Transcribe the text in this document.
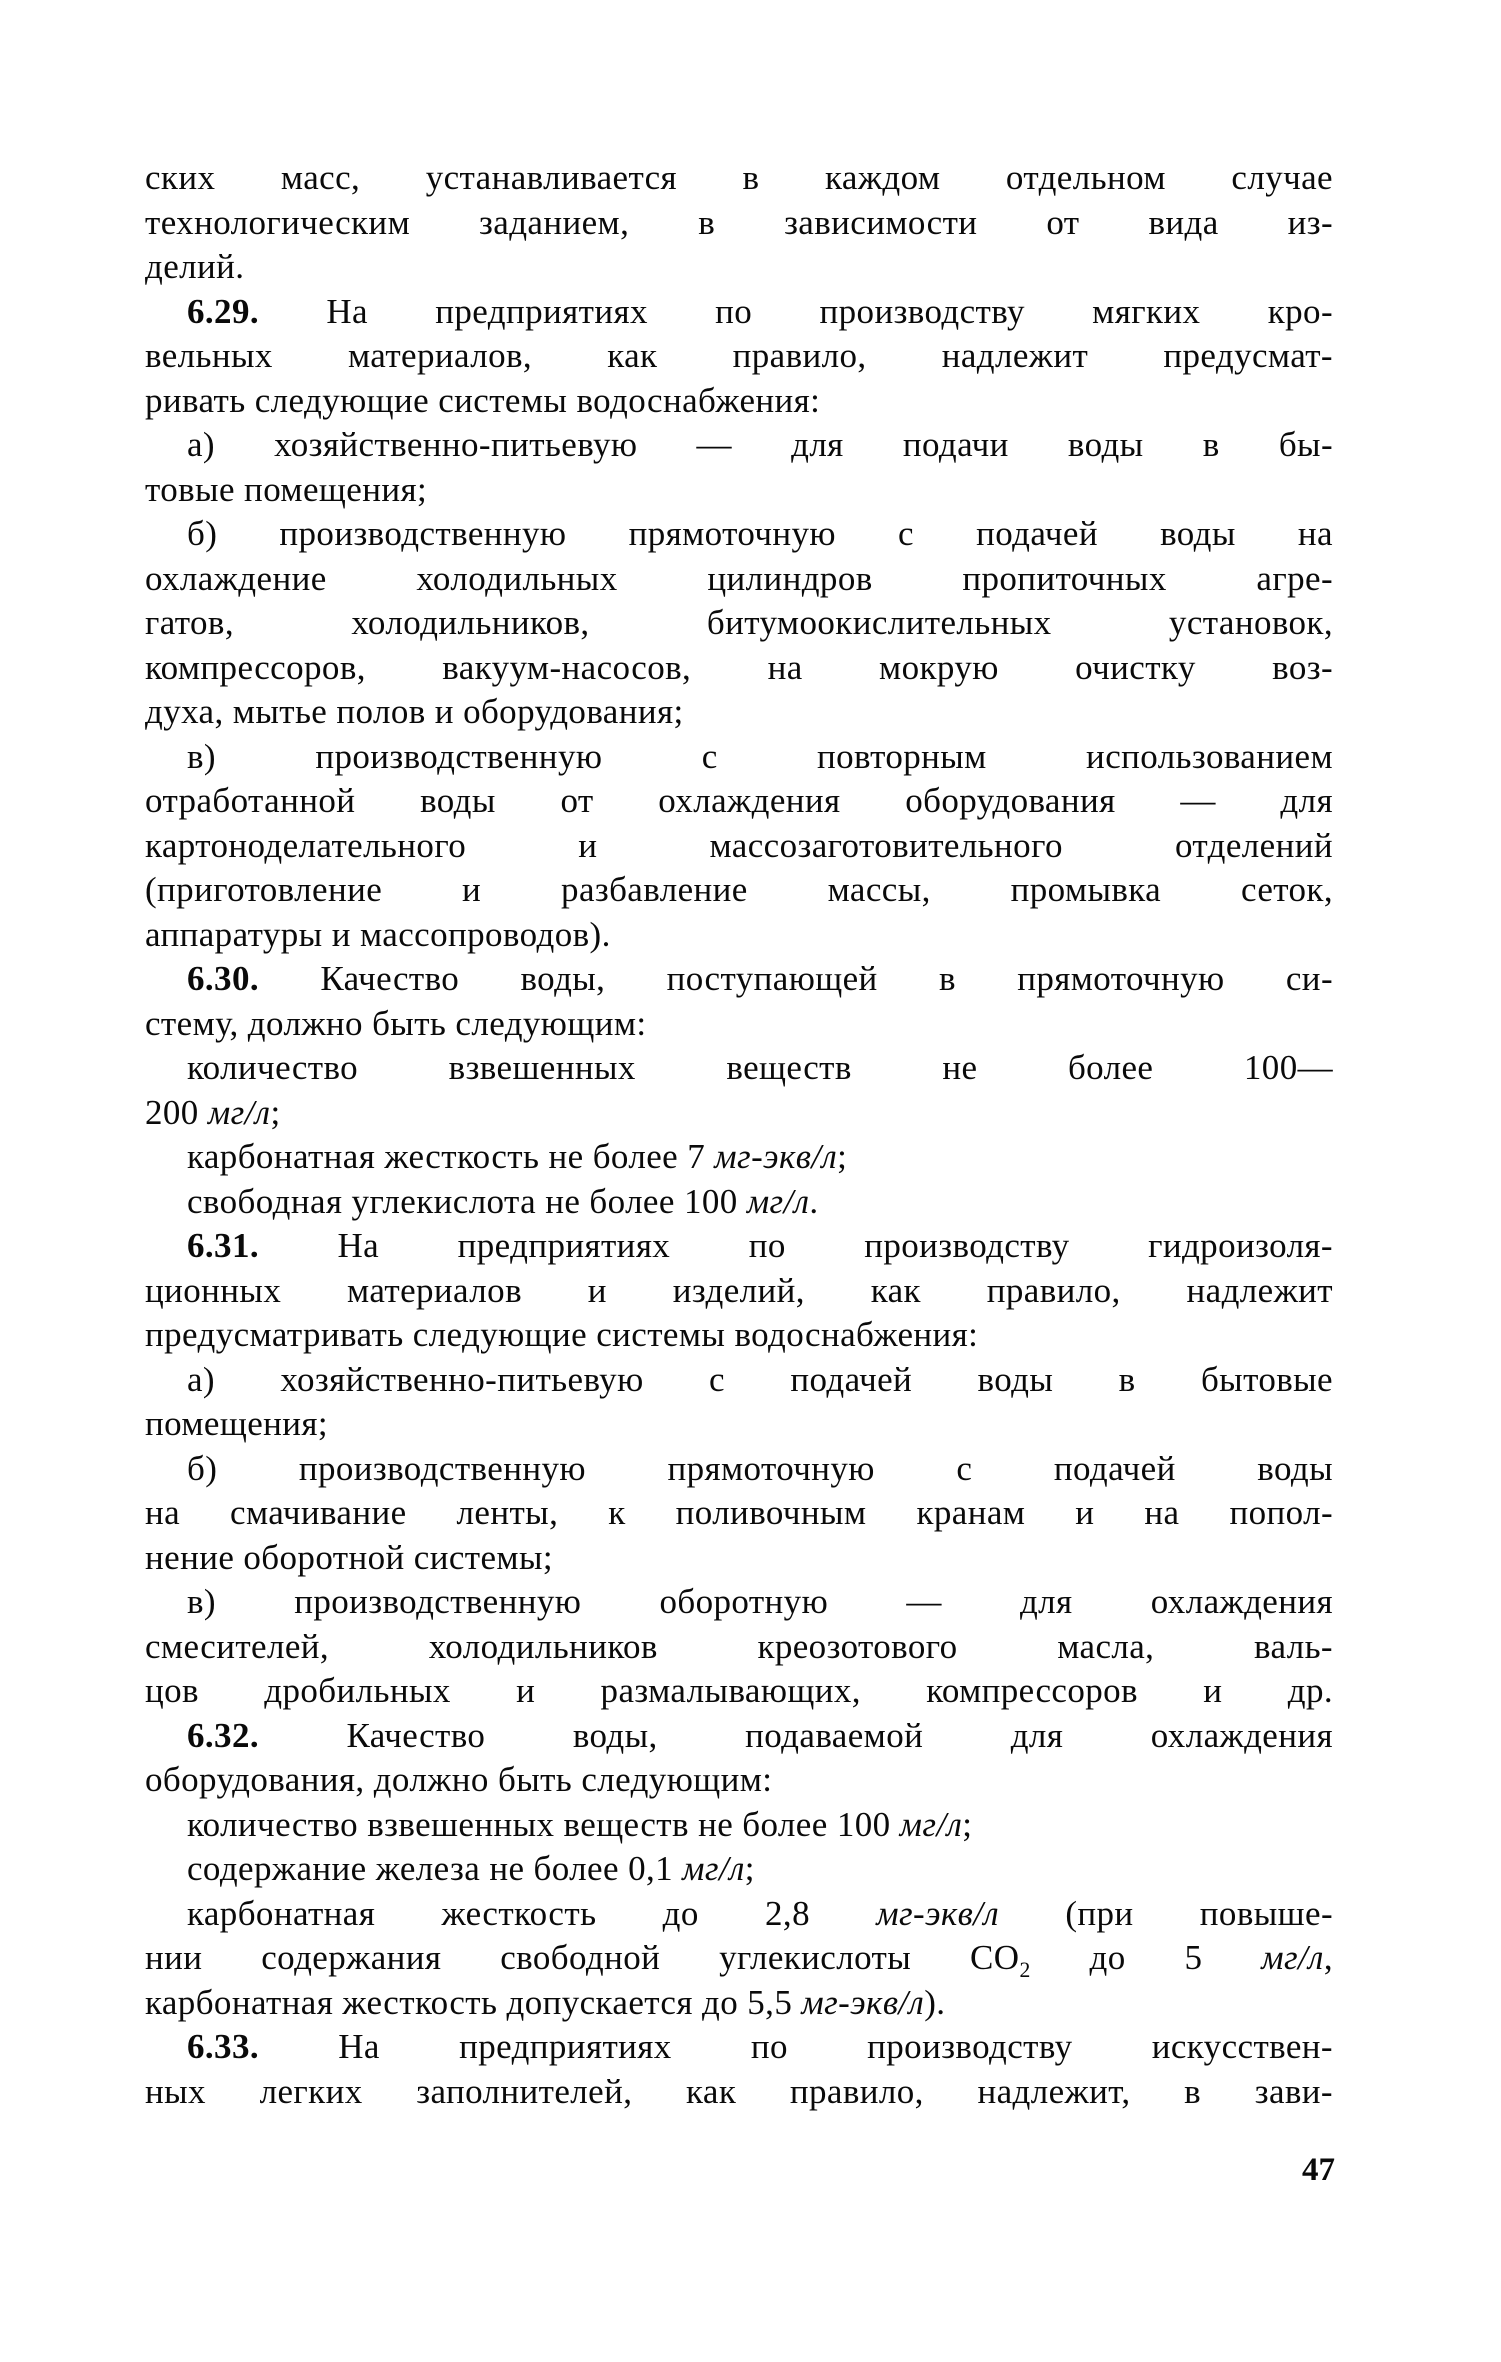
ских масс, устанавливается в каждом отдельном случае
технологическим заданием, в зависимости от вида из-
делий.
6.29. На предприятиях по производству мягких кро-
вельных материалов, как правило, надлежит предусмат-
ривать следующие системы водоснабжения:
а) хозяйственно-питьевую — для подачи воды в бы-
товые помещения;
б) производственную прямоточную с подачей воды на
охлаждение холодильных цилиндров пропиточных агре-
гатов, холодильников, битумоокислительных установок,
компрессоров, вакуум-насосов, на мокрую очистку воз-
духа, мытье полов и оборудования;
в) производственную с повторным использованием
отработанной воды от охлаждения оборудования — для
картоноделательного и массозаготовительного отделений
(приготовление и разбавление массы, промывка сеток,
аппаратуры и массопроводов).
6.30. Качество воды, поступающей в прямоточную си-
стему, должно быть следующим:
количество взвешенных веществ не более 100—
200 мг/л;
карбонатная жесткость не более 7 мг-экв/л;
свободная углекислота не более 100 мг/л.
6.31. На предприятиях по производству гидроизоля-
ционных материалов и изделий, как правило, надлежит
предусматривать следующие системы водоснабжения:
а) хозяйственно-питьевую с подачей воды в бытовые
помещения;
б) производственную прямоточную с подачей воды
на смачивание ленты, к поливочным кранам и на попол-
нение оборотной системы;
в) производственную оборотную — для охлаждения
смесителей, холодильников креозотового масла, валь-
цов дробильных и размалывающих, компрессоров и др.
6.32. Качество воды, подаваемой для охлаждения
оборудования, должно быть следующим:
количество взвешенных веществ не более 100 мг/л;
содержание железа не более 0,1 мг/л;
карбонатная жесткость до 2,8 мг-экв/л (при повыше-
нии содержания свободной углекислоты $CO_2$ до 5 мг/л,
карбонатная жесткость допускается до 5,5 мг-экв/л).
6.33. На предприятиях по производству искусствен-
ных легких заполнителей, как правило, надлежит, в зави-
47
